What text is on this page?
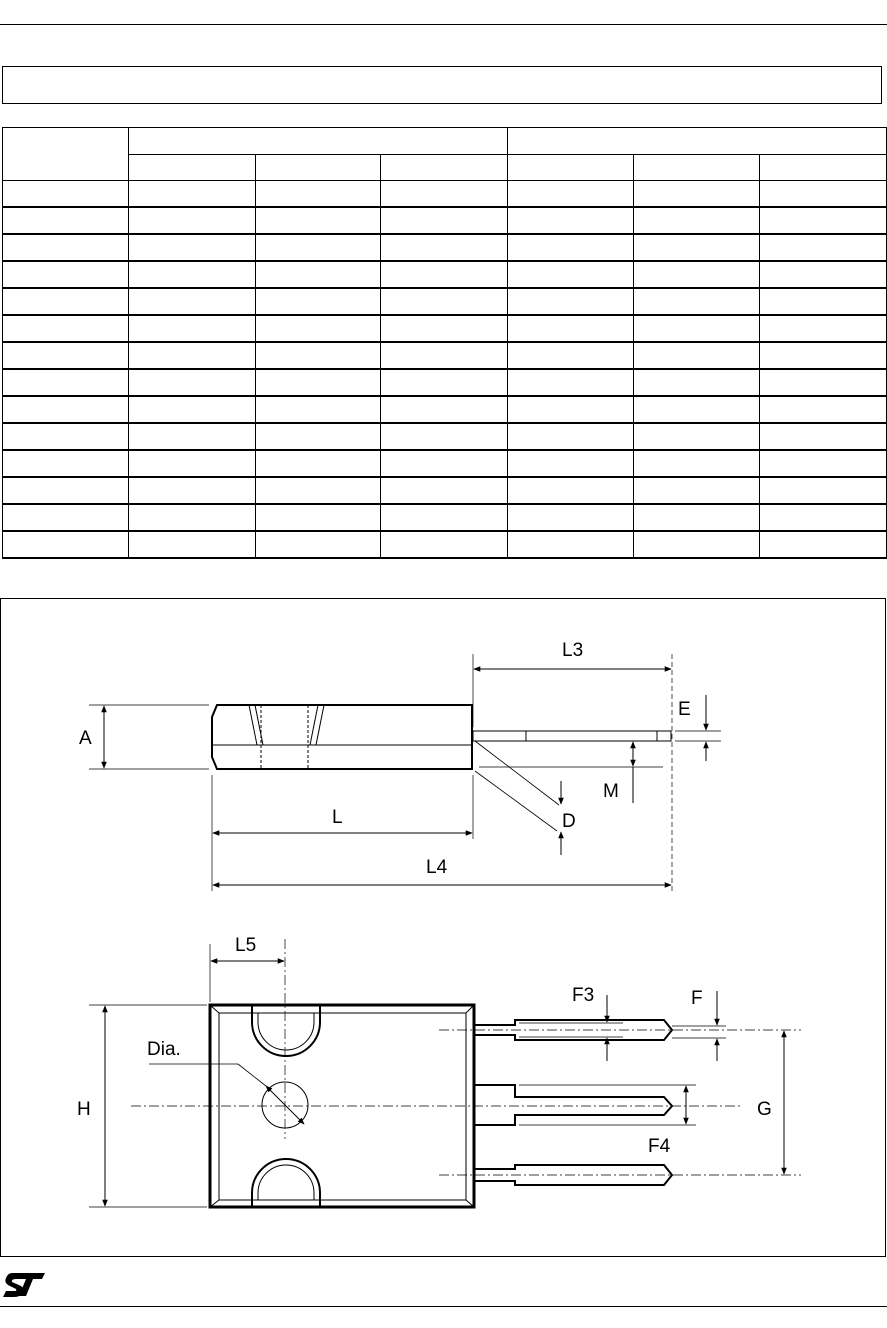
A
L
L4
L3
E
M
D
L5
Dia.
H
F3	F
F4
G
